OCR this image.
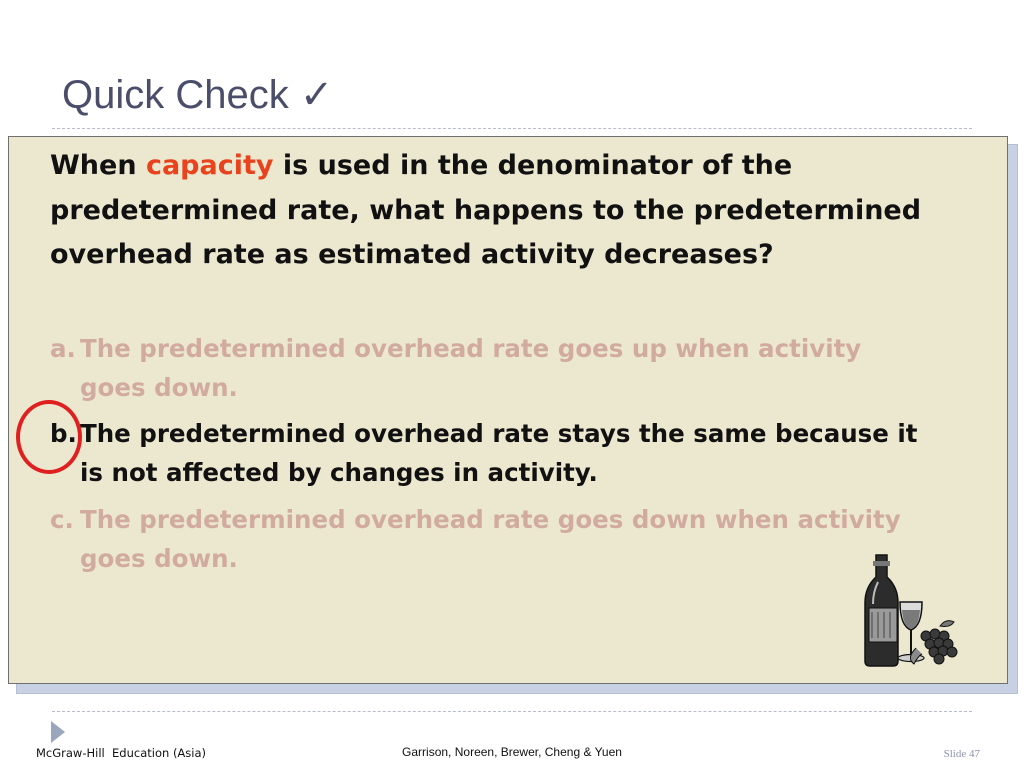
Quick Check ✓
When capacity is used in the denominator of the predetermined rate, what happens to the predetermined overhead rate as estimated activity decreases?
a. The predetermined overhead rate goes up when activity
goes down.
b. The predetermined overhead rate stays the same because it
is not affected by changes in activity.
c. The predetermined overhead rate goes down when activity
goes down.
McGraw-Hill  Education (Asia)	Garrison, Noreen, Brewer, Cheng & Yuen	Slide 47
